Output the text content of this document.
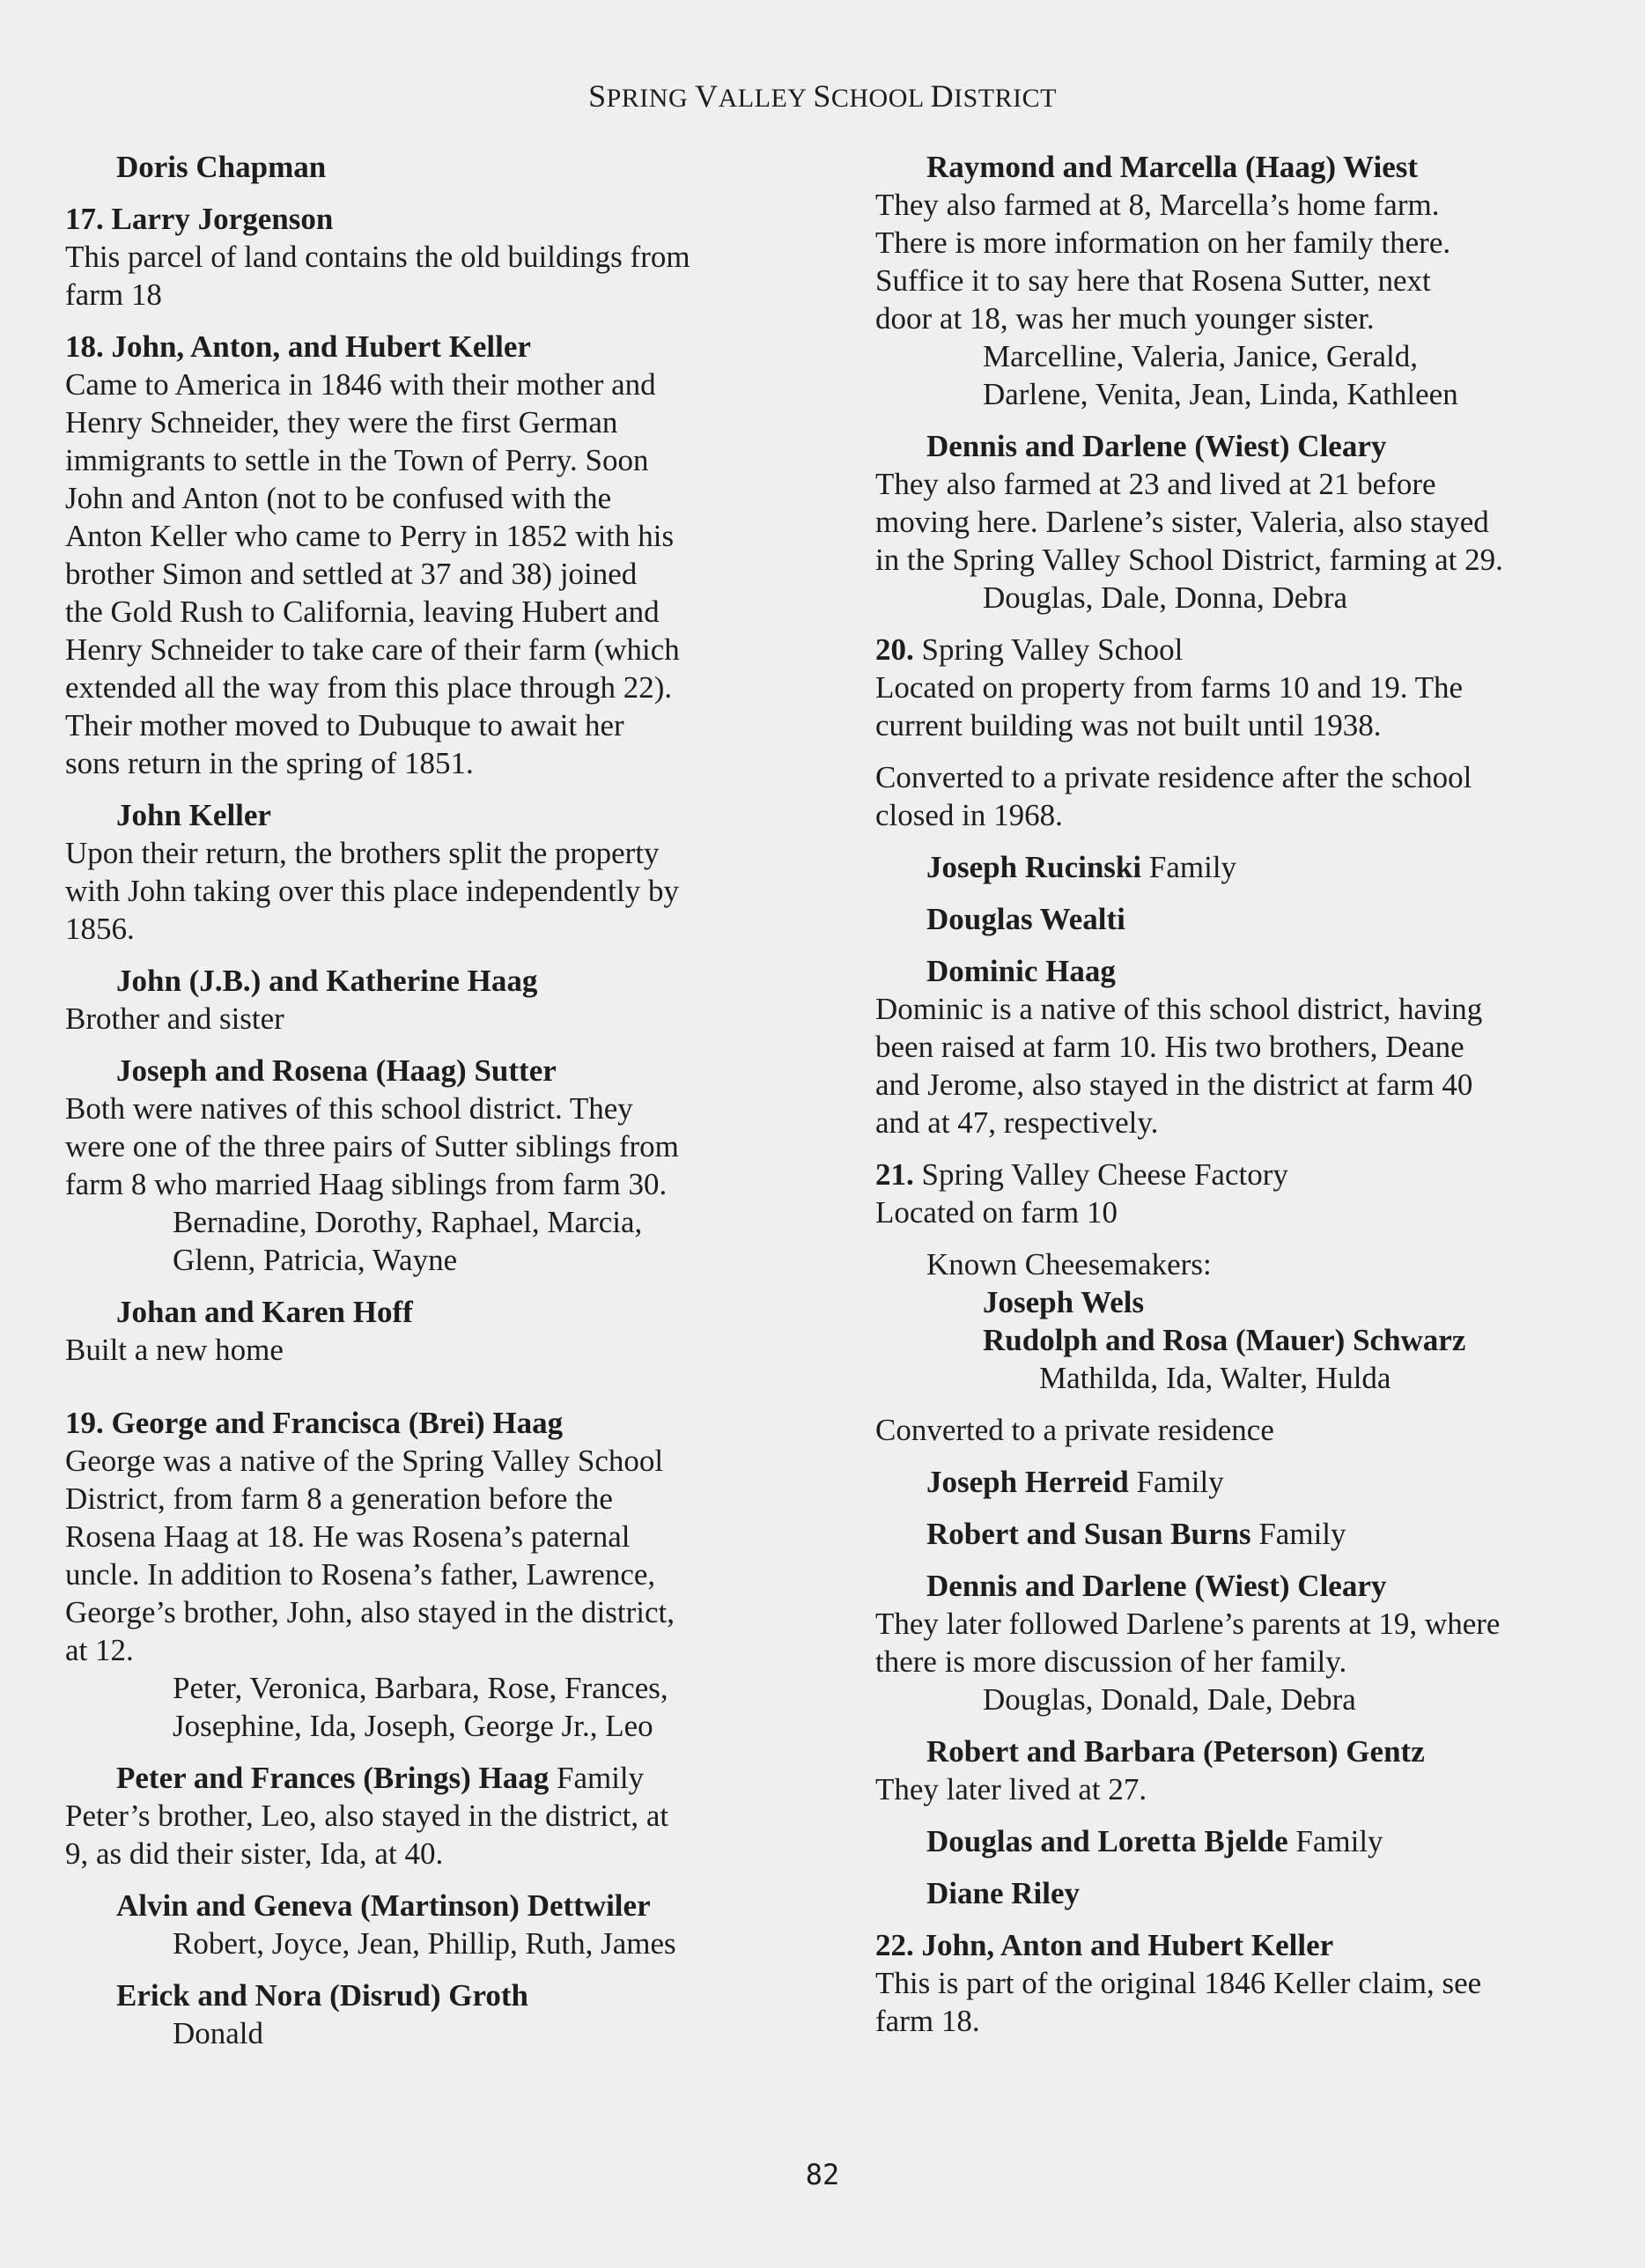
SPRING VALLEY SCHOOL DISTRICT
Doris Chapman
17. Larry Jorgenson
This parcel of land contains the old buildings from
farm 18
18. John, Anton, and Hubert Keller
Came to America in 1846 with their mother and
Henry Schneider, they were the first German
immigrants to settle in the Town of Perry. Soon
John and Anton (not to be confused with the
Anton Keller who came to Perry in 1852 with his
brother Simon and settled at 37 and 38) joined
the Gold Rush to California, leaving Hubert and
Henry Schneider to take care of their farm (which
extended all the way from this place through 22).
Their mother moved to Dubuque to await her
sons return in the spring of 1851.
John Keller
Upon their return, the brothers split the property
with John taking over this place independently by
1856.
John (J.B.) and Katherine Haag
Brother and sister
Joseph and Rosena (Haag) Sutter
Both were natives of this school district. They
were one of the three pairs of Sutter siblings from
farm 8 who married Haag siblings from farm 30.
Bernadine, Dorothy, Raphael, Marcia,
Glenn, Patricia, Wayne
Johan and Karen Hoff
Built a new home
19. George and Francisca (Brei) Haag
George was a native of the Spring Valley School
District, from farm 8 a generation before the
Rosena Haag at 18. He was Rosena’s paternal
uncle. In addition to Rosena’s father, Lawrence,
George’s brother, John, also stayed in the district,
at 12.
Peter, Veronica, Barbara, Rose, Frances,
Josephine, Ida, Joseph, George Jr., Leo
Peter and Frances (Brings) Haag Family
Peter’s brother, Leo, also stayed in the district, at
9, as did their sister, Ida, at 40.
Alvin and Geneva (Martinson) Dettwiler
Robert, Joyce, Jean, Phillip, Ruth, James
Erick and Nora (Disrud) Groth
Donald
Raymond and Marcella (Haag) Wiest
They also farmed at 8, Marcella’s home farm.
There is more information on her family there.
Suffice it to say here that Rosena Sutter, next
door at 18, was her much younger sister.
Marcelline, Valeria, Janice, Gerald,
Darlene, Venita, Jean, Linda, Kathleen
Dennis and Darlene (Wiest) Cleary
They also farmed at 23 and lived at 21 before
moving here. Darlene’s sister, Valeria, also stayed
in the Spring Valley School District, farming at 29.
Douglas, Dale, Donna, Debra
20. Spring Valley School
Located on property from farms 10 and 19. The
current building was not built until 1938.
Converted to a private residence after the school
closed in 1968.
Joseph Rucinski Family
Douglas Wealti
Dominic Haag
Dominic is a native of this school district, having
been raised at farm 10. His two brothers, Deane
and Jerome, also stayed in the district at farm 40
and at 47, respectively.
21. Spring Valley Cheese Factory
Located on farm 10
Known Cheesemakers:
Joseph Wels
Rudolph and Rosa (Mauer) Schwarz
Mathilda, Ida, Walter, Hulda
Converted to a private residence
Joseph Herreid Family
Robert and Susan Burns Family
Dennis and Darlene (Wiest) Cleary
They later followed Darlene’s parents at 19, where
there is more discussion of her family.
Douglas, Donald, Dale, Debra
Robert and Barbara (Peterson) Gentz
They later lived at 27.
Douglas and Loretta Bjelde Family
Diane Riley
22. John, Anton and Hubert Keller
This is part of the original 1846 Keller claim, see
farm 18.
82
